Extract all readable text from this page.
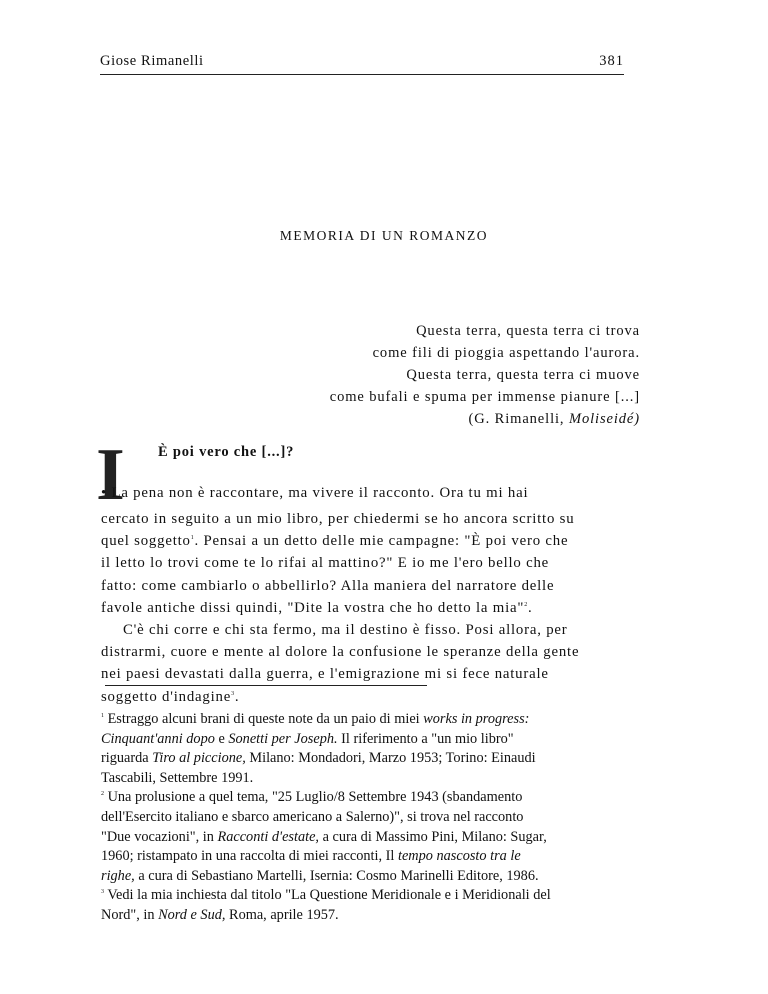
Giose Rimanelli	381
MEMORIA DI UN ROMANZO
Questa terra, questa terra ci trova
come fili di pioggia aspettando l'aurora.
Questa terra, questa terra ci muove
come bufali e spuma per immense pianure [...]
(G. Rimanelli, Moliseidé)
I È poi vero che [...]?
• La pena non è raccontare, ma vivere il racconto. Ora tu mi hai
cercato in seguito a un mio libro, per chiedermi se ho ancora scritto su
quel soggetto$^1$. Pensai a un detto delle mie campagne: "È poi vero che
il letto lo trovi come te lo rifai al mattino?" E io me l'ero bello che
fatto: come cambiarlo o abbellirlo? Alla maniera del narratore delle
favole antiche dissi quindi, "Dite la vostra che ho detto la mia"$^2$.
C'è chi corre e chi sta fermo, ma il destino è fisso. Posi allora, per
distrarmi, cuore e mente al dolore la confusione le speranze della gente
nei paesi devastati dalla guerra, e l'emigrazione mi si fece naturale
soggetto d'indagine$^3$.
$^1$ Estraggo alcuni brani di queste note da un paio di miei works in progress:
Cinquant'anni dopo e Sonetti per Joseph. Il riferimento a "un mio libro"
riguarda Tiro al piccione, Milano: Mondadori, Marzo 1953; Torino: Einaudi
Tascabili, Settembre 1991.
$^2$ Una prolusione a quel tema, "25 Luglio/8 Settembre 1943 (sbandamento
dell'Esercito italiano e sbarco americano a Salerno)", si trova nel racconto
"Due vocazioni", in Racconti d'estate, a cura di Massimo Pini, Milano: Sugar,
1960; ristampato in una raccolta di miei racconti, Il tempo nascosto tra le
righe, a cura di Sebastiano Martelli, Isernia: Cosmo Marinelli Editore, 1986.
$^3$ Vedi la mia inchiesta dal titolo "La Questione Meridionale e i Meridionali del
Nord", in Nord e Sud, Roma, aprile 1957.
